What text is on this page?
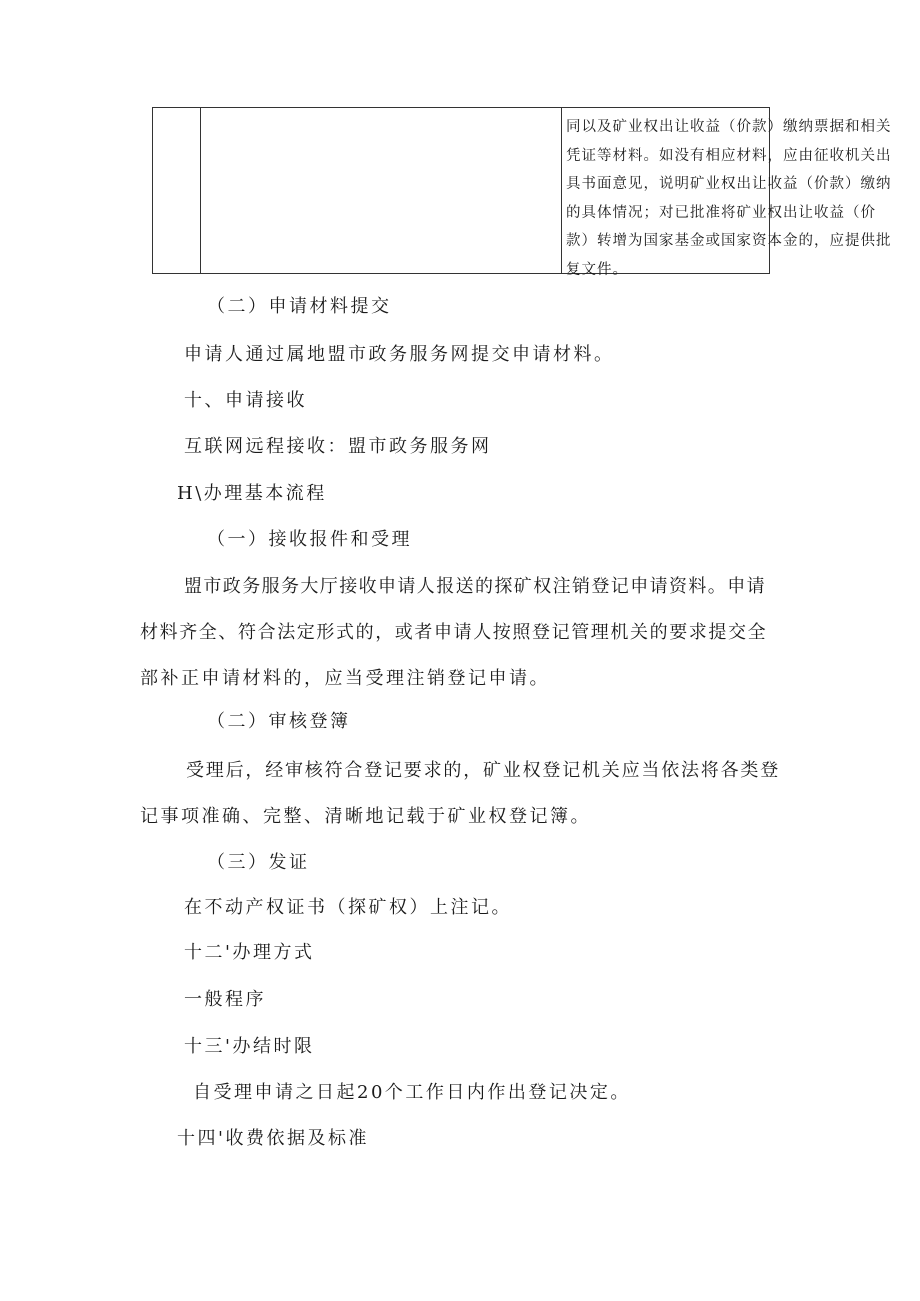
同以及矿业权出让收益（价款）缴纳票据和相关
凭证等材料。如没有相应材料，应由征收机关出
具书面意见，说明矿业权出让收益（价款）缴纳
的具体情况；对已批准将矿业权出让收益（价
款）转增为国家基金或国家资本金的，应提供批
复文件。
（二）申请材料提交
申请人通过属地盟市政务服务网提交申请材料。
十、申请接收
互联网远程接收：盟市政务服务网
H\办理基本流程
（一）接收报件和受理
盟市政务服务大厅接收申请人报送的探矿权注销登记申请资料。申请
材料齐全、符合法定形式的，或者申请人按照登记管理机关的要求提交全
部补正申请材料的，应当受理注销登记申请。
（二）审核登簿
受理后，经审核符合登记要求的，矿业权登记机关应当依法将各类登
记事项准确、完整、清晰地记载于矿业权登记簿。
（三）发证
在不动产权证书（探矿权）上注记。
十二'办理方式
一般程序
十三'办结时限
自受理申请之日起20个工作日内作出登记决定。
十四'收费依据及标准
